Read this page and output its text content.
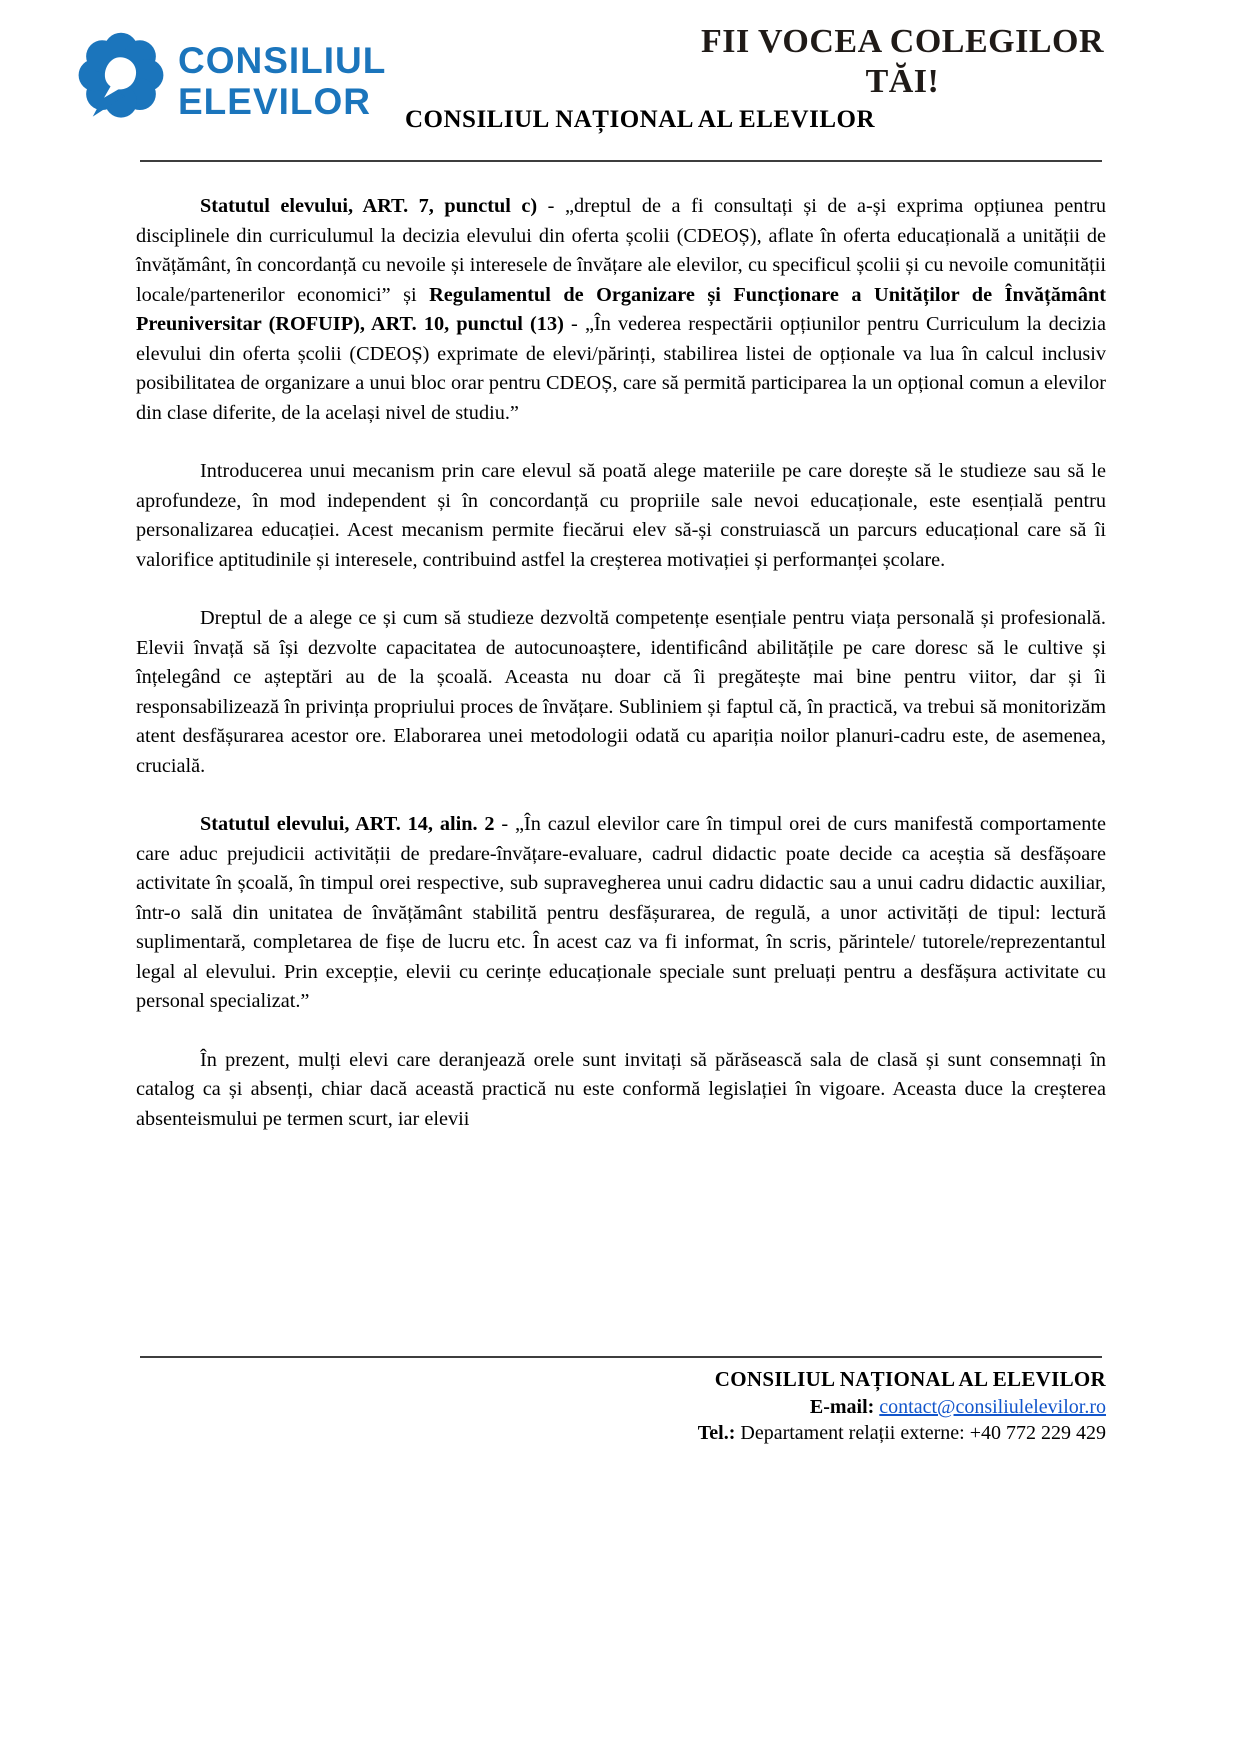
CONSILIUL
ELEVILOR
FII VOCEA COLEGILOR
TĂI!
CONSILIUL NAȚIONAL AL ELEVILOR

Statutul elevului, ART. 7, punctul c) - „dreptul de a fi consultați și de a-și exprima opțiunea pentru disciplinele din curriculumul la decizia elevului din oferta școlii (CDEOȘ), aflate în oferta educațională a unității de învățământ, în concordanță cu nevoile și interesele de învățare ale elevilor, cu specificul școlii și cu nevoile comunității locale/partenerilor economici” și Regulamentul de Organizare și Funcționare a Unităților de Învățământ Preuniversitar (ROFUIP), ART. 10, punctul (13) - „În vederea respectării opțiunilor pentru Curriculum la decizia elevului din oferta școlii (CDEOȘ) exprimate de elevi/părinți, stabilirea listei de opționale va lua în calcul inclusiv posibilitatea de organizare a unui bloc orar pentru CDEOȘ, care să permită participarea la un opțional comun a elevilor din clase diferite, de la același nivel de studiu.”

Introducerea unui mecanism prin care elevul să poată alege materiile pe care dorește să le studieze sau să le aprofundeze, în mod independent și în concordanță cu propriile sale nevoi educaționale, este esențială pentru personalizarea educației. Acest mecanism permite fiecărui elev să-și construiască un parcurs educațional care să îi valorifice aptitudinile și interesele, contribuind astfel la creșterea motivației și performanței școlare.

Dreptul de a alege ce și cum să studieze dezvoltă competențe esențiale pentru viața personală și profesională. Elevii învață să își dezvolte capacitatea de autocunoaștere, identificând abilitățile pe care doresc să le cultive și înțelegând ce așteptări au de la școală. Aceasta nu doar că îi pregătește mai bine pentru viitor, dar și îi responsabilizează în privința propriului proces de învățare. Subliniem și faptul că, în practică, va trebui să monitorizăm atent desfășurarea acestor ore. Elaborarea unei metodologii odată cu apariția noilor planuri-cadru este, de asemenea, crucială.

Statutul elevului, ART. 14, alin. 2 - „În cazul elevilor care în timpul orei de curs manifestă comportamente care aduc prejudicii activității de predare-învățare-evaluare, cadrul didactic poate decide ca aceștia să desfășoare activitate în școală, în timpul orei respective, sub supravegherea unui cadru didactic sau a unui cadru didactic auxiliar, într-o sală din unitatea de învățământ stabilită pentru desfășurarea, de regulă, a unor activități de tipul: lectură suplimentară, completarea de fișe de lucru etc. În acest caz va fi informat, în scris, părintele/ tutorele/reprezentantul legal al elevului. Prin excepție, elevii cu cerințe educaționale speciale sunt preluați pentru a desfășura activitate cu personal specializat.”

În prezent, mulți elevi care deranjează orele sunt invitați să părăsească sala de clasă și sunt consemnați în catalog ca și absenți, chiar dacă această practică nu este conformă legislației în vigoare. Aceasta duce la creșterea absenteismului pe termen scurt, iar elevii

CONSILIUL NAȚIONAL AL ELEVILOR
E-mail: contact@consiliulelevilor.ro
Tel.: Departament relații externe: +40 772 229 429
